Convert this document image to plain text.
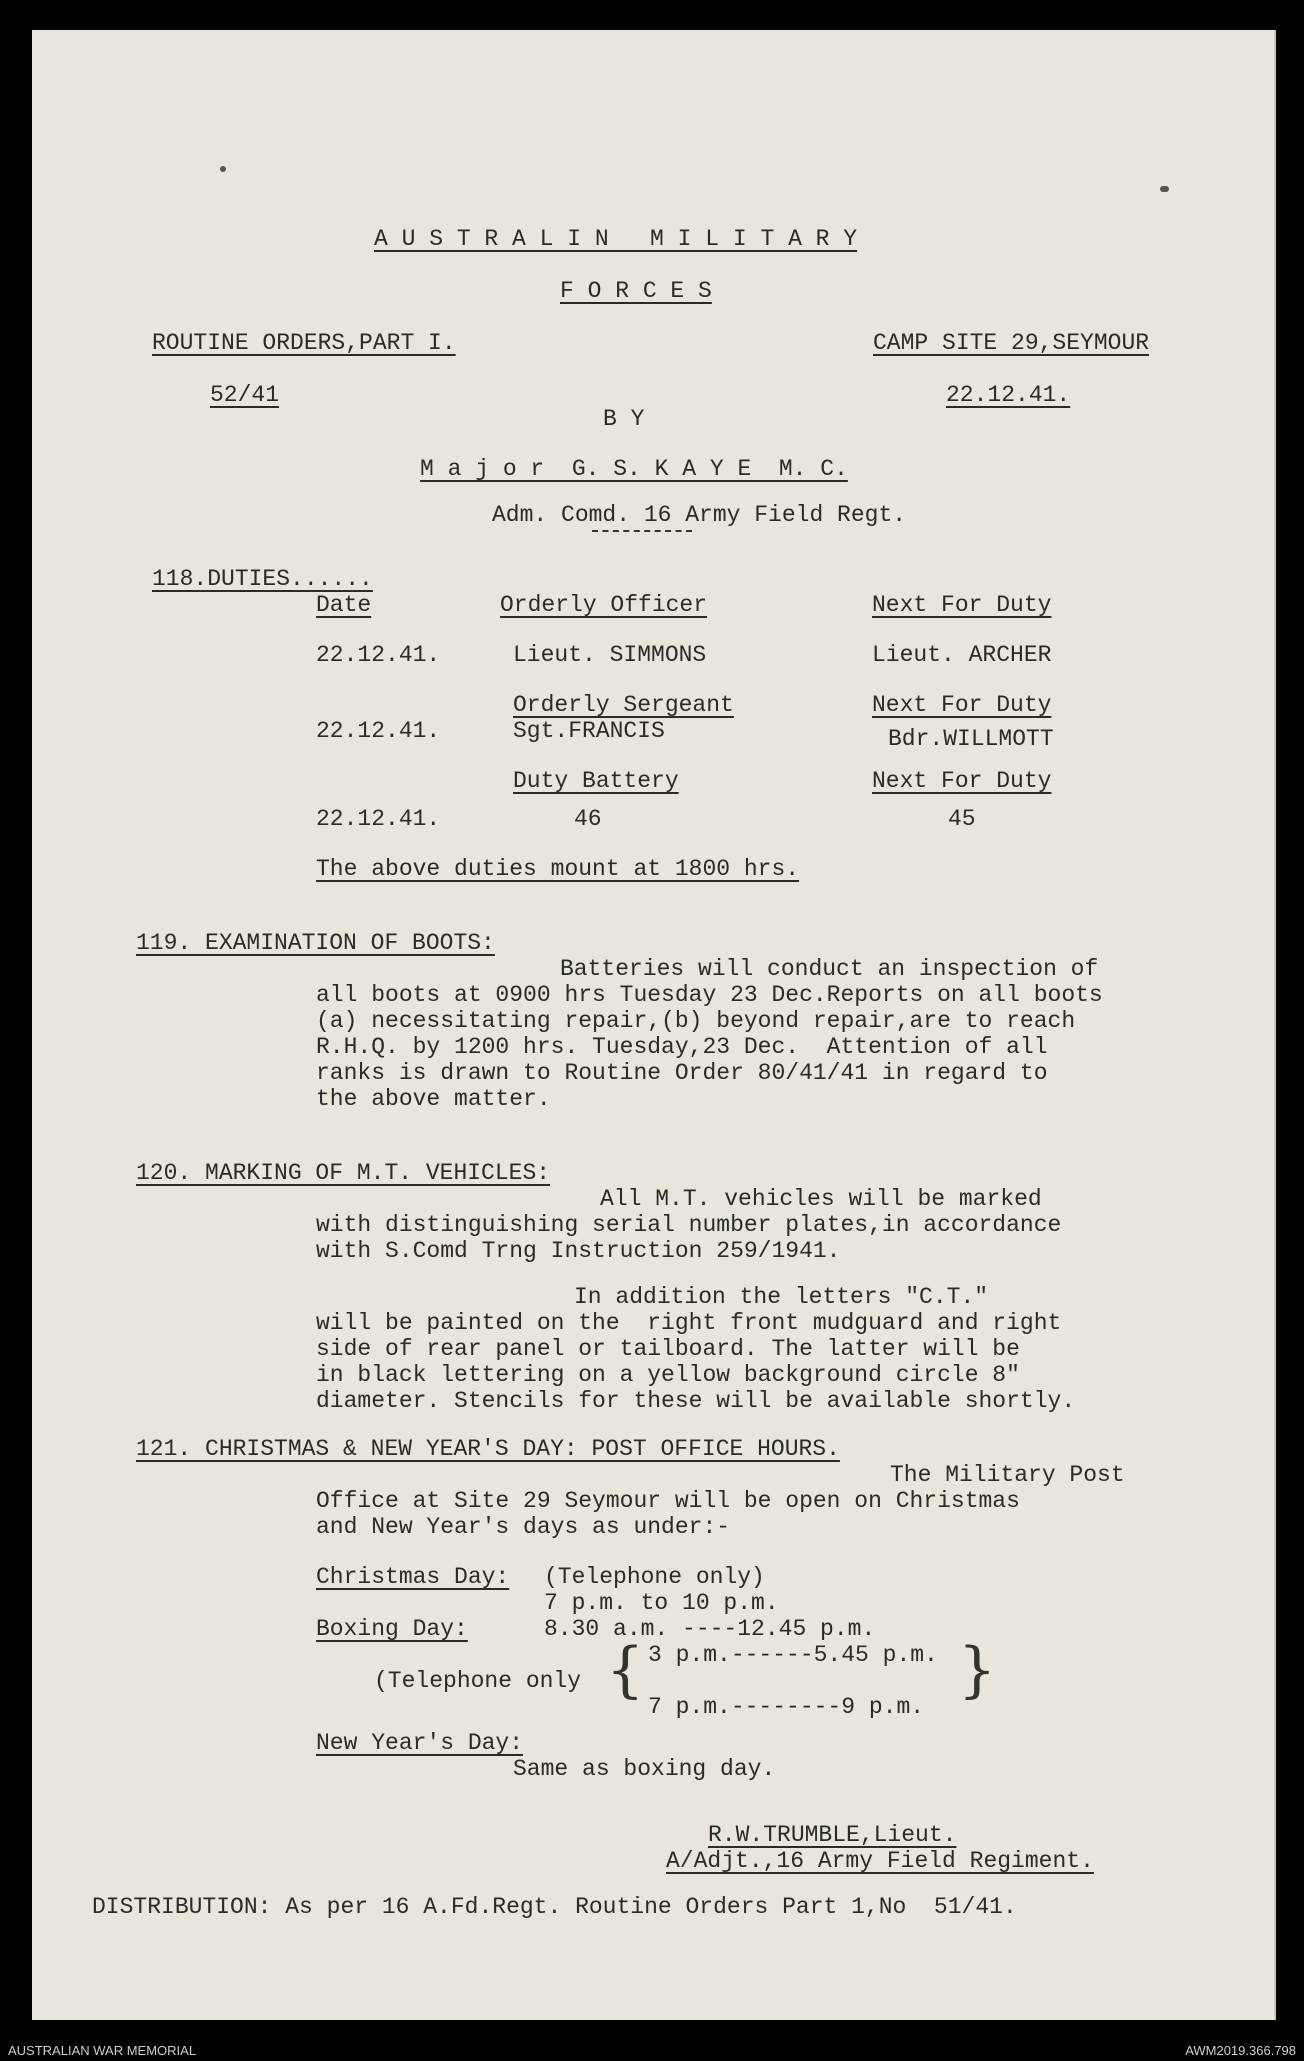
A U S T R A L I N   M I L I T A R Y
F O R C E S
ROUTINE ORDERS,PART I.	CAMP SITE 29,SEYMOUR
52/41	22.12.41.
B Y
M a j o r  G. S. K A Y E  M. C.
Adm. Comd. 16 Army Field Regt.
118.DUTIES......
Date	Orderly Officer	Next For Duty
22.12.41.	Lieut. SIMMONS	Lieut. ARCHER
Orderly Sergeant	Next For Duty
22.12.41.	Sgt.FRANCIS	Bdr.WILLMOTT
Duty Battery	Next For Duty
22.12.41.	46	45
The above duties mount at 1800 hrs.
119. EXAMINATION OF BOOTS:
Batteries will conduct an inspection of
all boots at 0900 hrs Tuesday 23 Dec.Reports on all boots
(a) necessitating repair,(b) beyond repair,are to reach
R.H.Q. by 1200 hrs. Tuesday,23 Dec.  Attention of all
ranks is drawn to Routine Order 80/41/41 in regard to
the above matter.
120. MARKING OF M.T. VEHICLES:
All M.T. vehicles will be marked
with distinguishing serial number plates,in accordance
with S.Comd Trng Instruction 259/1941.
In addition the letters "C.T."
will be painted on the  right front mudguard and right
side of rear panel or tailboard. The latter will be
in black lettering on a yellow background circle 8"
diameter. Stencils for these will be available shortly.
121. CHRISTMAS & NEW YEAR'S DAY: POST OFFICE HOURS.
The Military Post
Office at Site 29 Seymour will be open on Christmas
and New Year's days as under:-
Christmas Day: (Telephone only)
7 p.m. to 10 p.m.
Boxing Day:	8.30 a.m. ----12.45 p.m.
(Telephone only { 3 p.m.------5.45 p.m.
7 p.m.--------9 p.m.
}
New Year's Day:
Same as boxing day.
R.W.TRUMBLE,Lieut.
A/Adjt.,16 Army Field Regiment.
DISTRIBUTION: As per 16 A.Fd.Regt. Routine Orders Part 1,No  51/41.
AUSTRALIAN WAR MEMORIAL	AWM2019.366.798
